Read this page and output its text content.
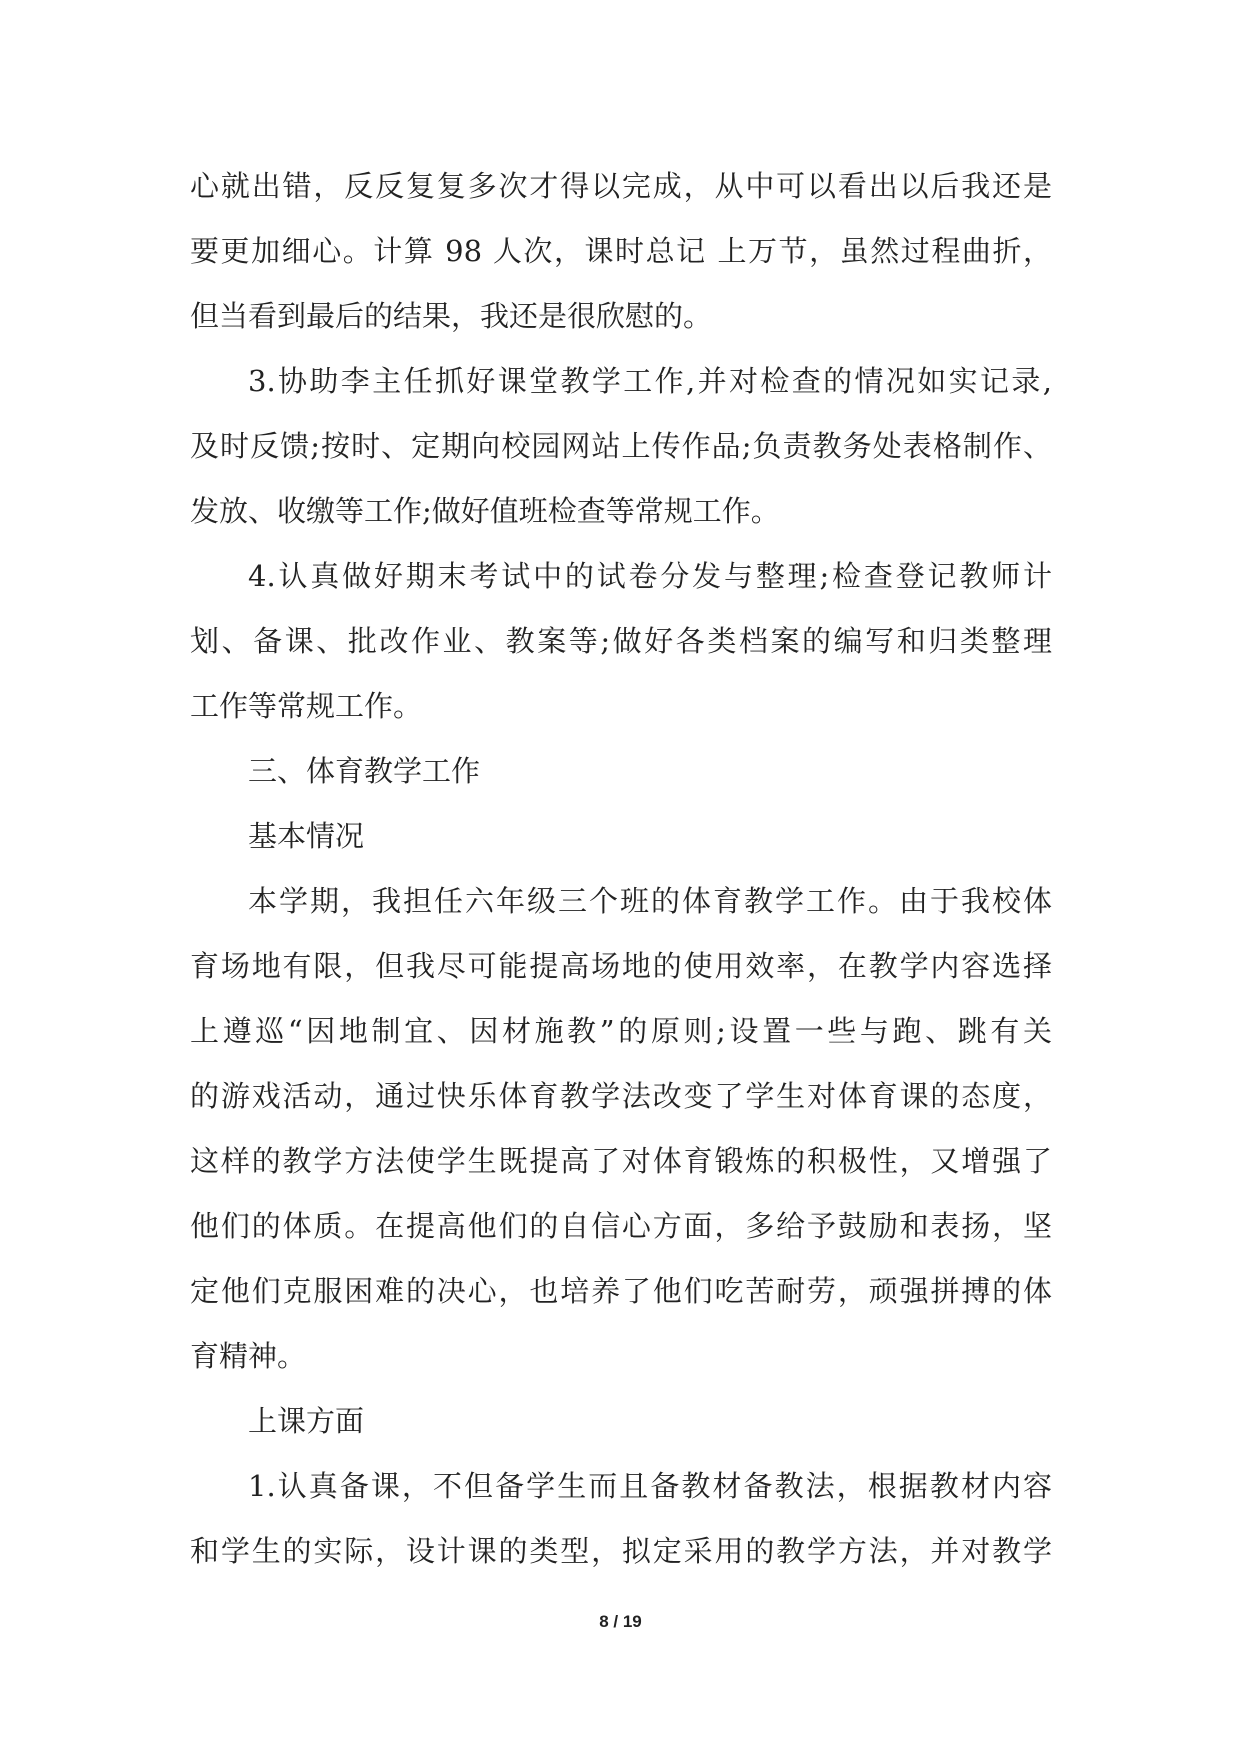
心就出错，反反复复多次才得以完成，从中可以看出以后我还是
要更加细心。计算 98 人次，课时总记 上万节，虽然过程曲折，
但当看到最后的结果，我还是很欣慰的。
3.协助李主任抓好课堂教学工作,并对检查的情况如实记录,
及时反馈;按时、定期向校园网站上传作品;负责教务处表格制作、
发放、收缴等工作;做好值班检查等常规工作。
4.认真做好期末考试中的试卷分发与整理;检查登记教师计
划、备课、批改作业、教案等;做好各类档案的编写和归类整理
工作等常规工作。
三、体育教学工作
基本情况
本学期，我担任六年级三个班的体育教学工作。由于我校体
育场地有限，但我尽可能提高场地的使用效率，在教学内容选择
上遵巡“因地制宜、因材施教”的原则;设置一些与跑、跳有关
的游戏活动，通过快乐体育教学法改变了学生对体育课的态度，
这样的教学方法使学生既提高了对体育锻炼的积极性，又增强了
他们的体质。在提高他们的自信心方面，多给予鼓励和表扬，坚
定他们克服困难的决心，也培养了他们吃苦耐劳，顽强拼搏的体
育精神。
上课方面
1.认真备课，不但备学生而且备教材备教法，根据教材内容
和学生的实际，设计课的类型，拟定采用的教学方法，并对教学
8 / 19
